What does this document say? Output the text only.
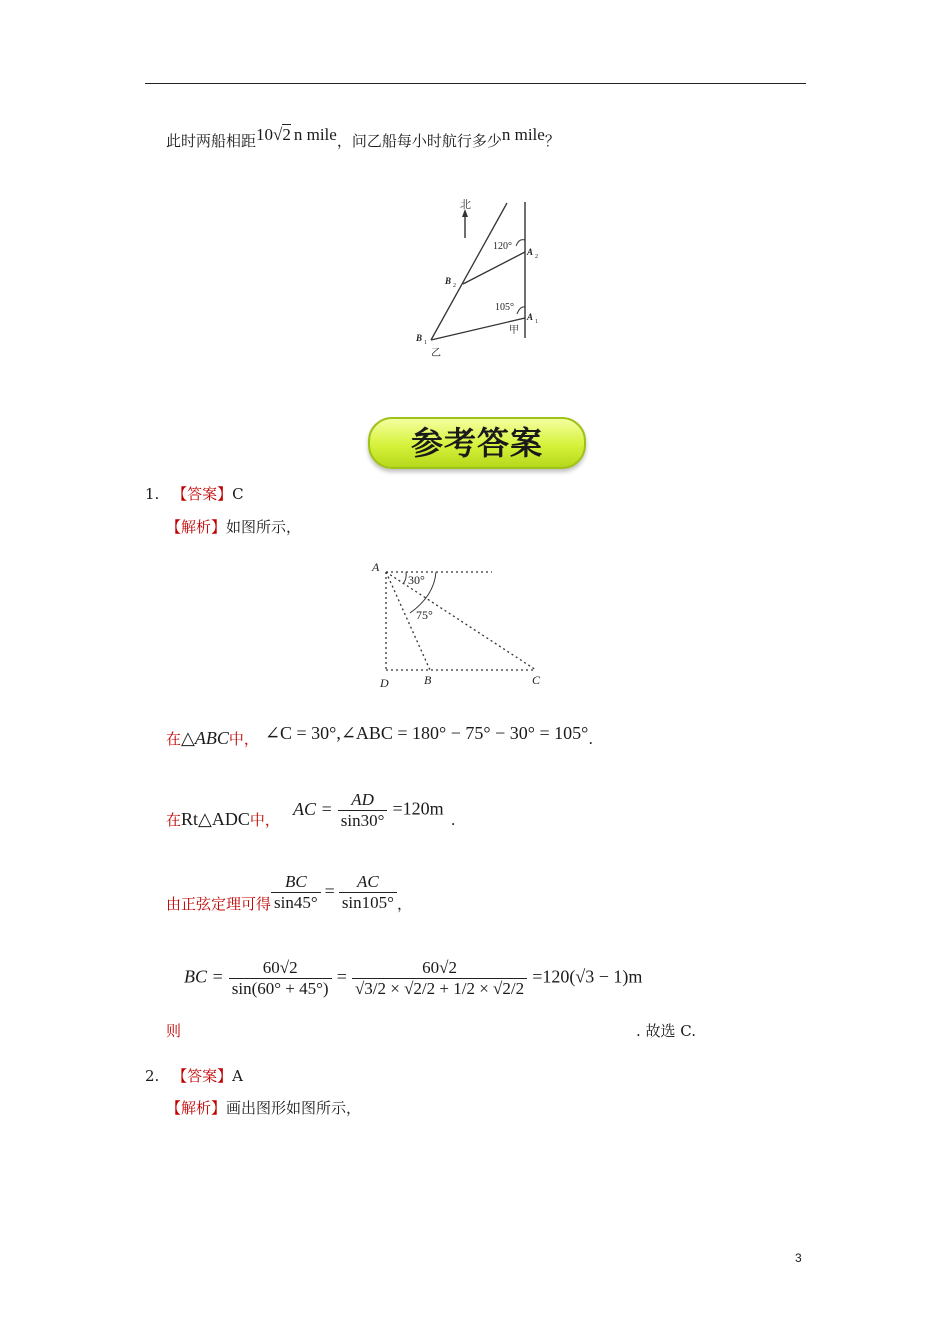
此时两船相距10√2 n mile，问乙船每小时航行多少n mile？
北
120°
105°
A 2
A 1
B 2
B 1
甲
乙
参考答案
1. 【答案】C
【解析】如图所示，
30°
75°
A
D	B	C
在△ABC中， ∠C = 30°,∠ABC = 180° − 75° − 30° = 105°.
在Rt△ADC中， AC = $\frac{AD}{\sin 30^\circ} =120m$ .
由正弦定理可得 $\frac{BC}{\sin 45^\circ} = \frac{AC}{\sin 105^\circ}$ ，
BC = $\frac{60√2}{\sin(60^\circ + 45^\circ)} = \frac{60√2}{√3/2 \times √2/2 + 1/2 \times √2/2} =120(√3 - 1)m$
则	. 故选 C.
2. 【答案】A
【解析】画出图形如图所示，
3
